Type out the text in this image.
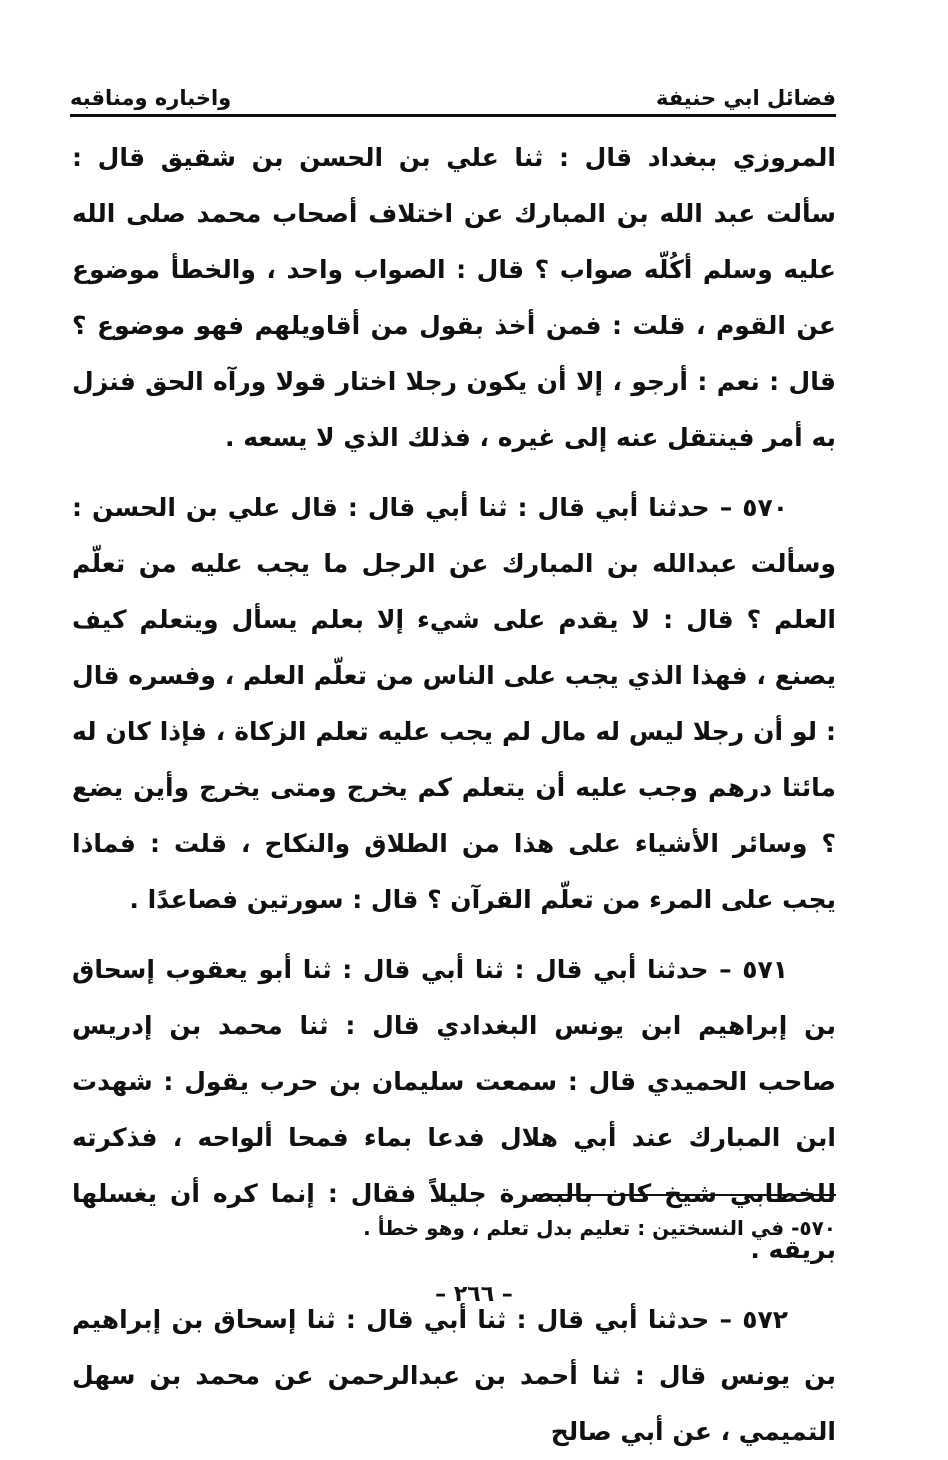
فضائل ابي حنيفة
واخباره ومناقبه

المروزي ببغداد قال : ثنا علي بن الحسن بن شقيق قال : سألت عبد الله بن المبارك عن اختلاف أصحاب محمد صلى الله عليه وسلم أكُلّه صواب ؟ قال : الصواب واحد ، والخطأ موضوع عن القوم ، قلت : فمن أخذ بقول من أقاويلهم فهو موضوع ؟ قال : نعم : أرجو ، إلا أن يكون رجلا اختار قولا ورآه الحق فنزل به أمر فينتقل عنه إلى غيره ، فذلك الذي لا يسعه .

٥٧٠ – حدثنا أبي قال : ثنا أبي قال : قال علي بن الحسن : وسألت عبدالله بن المبارك عن الرجل ما يجب عليه من تعلّم العلم ؟ قال : لا يقدم على شيء إلا بعلم يسأل ويتعلم كيف يصنع ، فهذا الذي يجب على الناس من تعلّم العلم ، وفسره قال : لو أن رجلا ليس له مال لم يجب عليه تعلم الزكاة ، فإذا كان له مائتا درهم وجب عليه أن يتعلم كم يخرج ومتى يخرج وأين يضع ؟ وسائر الأشياء على هذا من الطلاق والنكاح ، قلت : فماذا يجب على المرء من تعلّم القرآن ؟ قال : سورتين فصاعدًا .

٥٧١ – حدثنا أبي قال : ثنا أبي قال : ثنا أبو يعقوب إسحاق بن إبراهيم ابن يونس البغدادي قال : ثنا محمد بن إدريس صاحب الحميدي قال : سمعت سليمان بن حرب يقول : شهدت ابن المبارك عند أبي هلال فدعا بماء فمحا ألواحه ، فذكرته للخطابي شيخ كان بالبصرة جليلاً فقال : إنما كره أن يغسلها بريقه .

٥٧٢ – حدثنا أبي قال : ثنا أبي قال : ثنا إسحاق بن إبراهيم بن يونس قال : ثنا أحمد بن عبدالرحمن عن محمد بن سهل التميمي ، عن أبي صالح

٥٧٠- في النسختين : تعليم بدل تعلم ، وهو خطأ .
– ٢٦٦ –
